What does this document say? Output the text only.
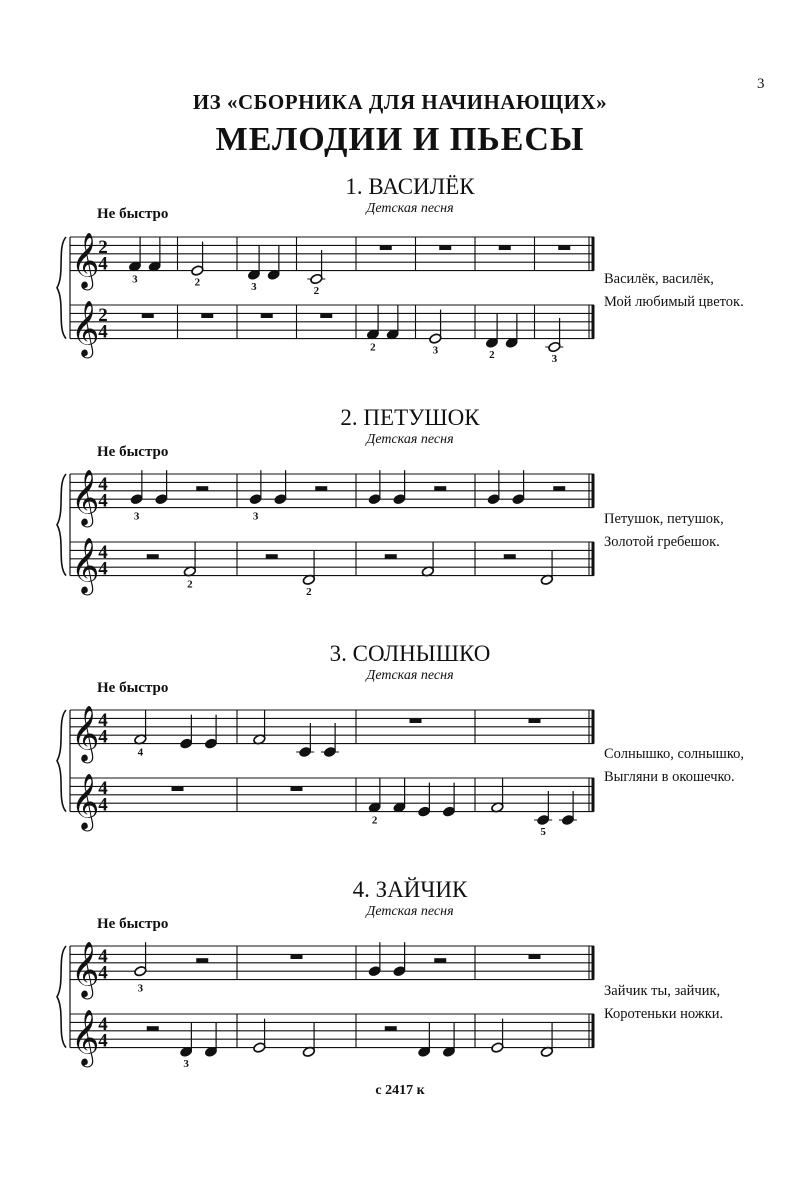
3
ИЗ «СБОРНИКА ДЛЯ НАЧИНАЮЩИХ»
МЕЛОДИИ И ПЬЕСЫ
1. ВАСИЛЁК
Детская песня
Не быстро
Василёк, василёк,
Мой любимый цветок.
2. ПЕТУШОК
Детская песня
Не быстро
Петушок, петушок,
Золотой гребешок.
3. СОЛНЫШКО
Детская песня
Не быстро
Солнышко, солнышко,
Выгляни в окошечко.
4. ЗАЙЧИК
Детская песня
Не быстро
Зайчик ты, зайчик,
Коротеньки ножки.
с 2417 к
𝄞
𝄞
2
4
2
4
3	2	3	2
2	3	2	3
𝄞
𝄞
4
4
4
4
3	3
2
2
𝄞
𝄞
4
4
4
4
4
2
5
𝄞
𝄞
4
4
4
4
3
3
